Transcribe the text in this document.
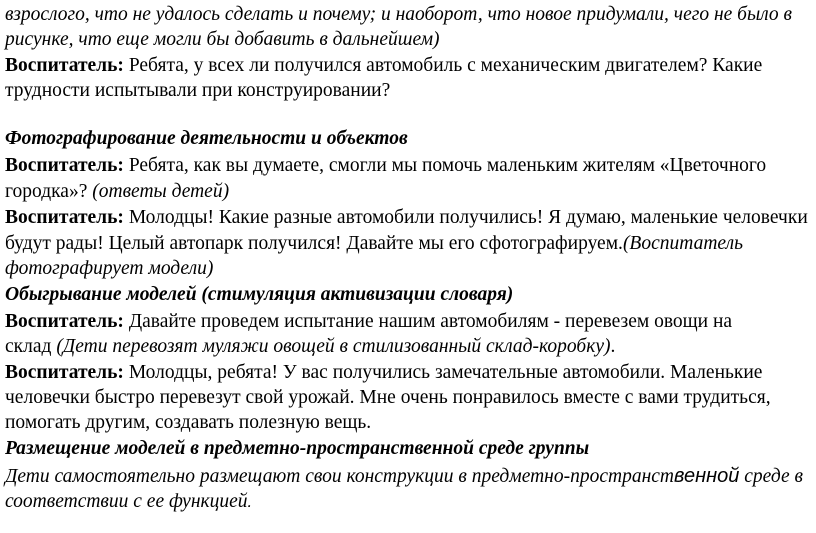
взрослого, что не удалось сделать и почему; и наоборот, что новое придумали, чего не было в
рисунке, что еще могли бы добавить в дальнейшем)
Воспитатель: Ребята, у всех ли получился автомобиль с механическим двигателем? Какие
трудности испытывали при конструировании?
Фотографирование деятельности и объектов
Воспитатель: Ребята, как вы думаете, смогли мы помочь маленьким жителям «Цветочного
городка»? (ответы детей)
Воспитатель: Молодцы! Какие разные автомобили получились! Я думаю, маленькие человечки
будут рады! Целый автопарк получился! Давайте мы его сфотографируем.(Воспитатель
фотографирует модели)
Обыгрывание моделей (стимуляция активизации словаря)
Воспитатель: Давайте проведем испытание нашим автомобилям - перевезем овощи на
склад (Дети перевозят муляжи овощей в стилизованный склад-коробку).
Воспитатель: Молодцы, ребята! У вас получились замечательные автомобили. Маленькие
человечки быстро перевезут свой урожай. Мне очень понравилось вместе с вами трудиться,
помогать другим, создавать полезную вещь.
Размещение моделей в предметно-пространственной среде группы
Дети самостоятельно размещают свои конструкции в предметно-пространственной среде в
соответствии с ее функцией.
